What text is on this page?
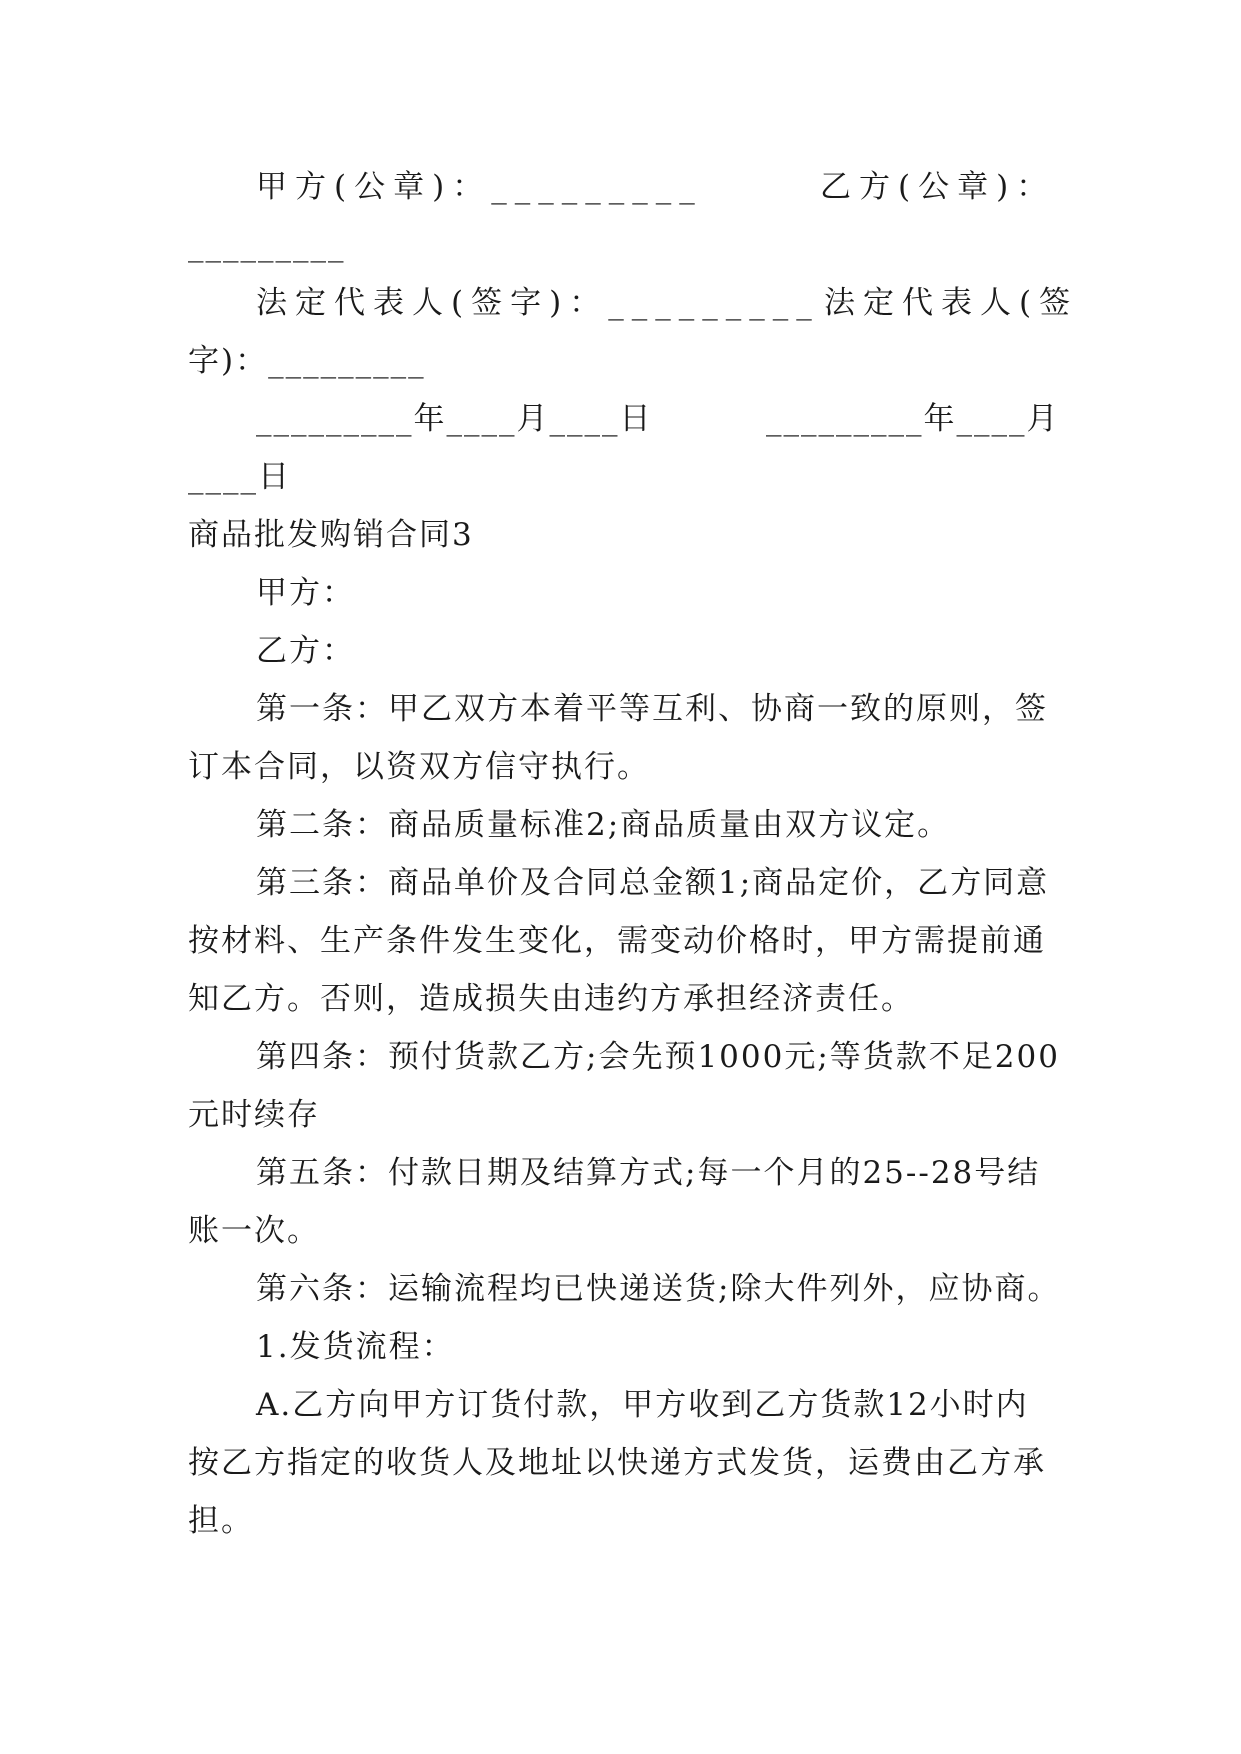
甲方(公章)：_________	乙方(公章)：
_________
法定代表人(签字)：_________ 法定代表人(签
字)：_________
_________年____月____日	_________年____月
____日
商品批发购销合同3
甲方：
乙方：
第一条：甲乙双方本着平等互利、协商一致的原则，签
订本合同，以资双方信守执行。
第二条：商品质量标准2;商品质量由双方议定。
第三条：商品单价及合同总金额1;商品定价，乙方同意
按材料、生产条件发生变化，需变动价格时，甲方需提前通
知乙方。否则，造成损失由违约方承担经济责任。
第四条：预付货款乙方;会先预1000元;等货款不足200
元时续存
第五条：付款日期及结算方式;每一个月的25--28号结
账一次。
第六条：运输流程均已快递送货;除大件列外，应协商。
1.发货流程：
A.乙方向甲方订货付款，甲方收到乙方货款12小时内
按乙方指定的收货人及地址以快递方式发货，运费由乙方承
担。
